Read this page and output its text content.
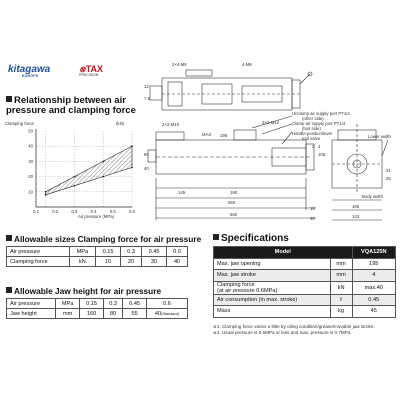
kitagawa
EUROPE
⊗TAX
PRECISION
Relationship between air
pressure and clamping force
Clamping force	(kN)
0.1	0.2	0.3	0.4	0.5	0.6
50
40
30
20
10
Air pressure (MPa)
Allowable sizes Clamping force for air pressure
Air pressure	MPa	0.15	0.3	0.45	0.6
Clamping force	kN	10	20	30	40
Allowable Jaw height for air pressure
Air pressure	MPa	0.15	0.3	0.45	0.6
Jaw height	mm	160	80	55	40(Standard)
Specifications
Model		VQA125N

Max. jaw opening	mm	195

Max. jaw stroke	mm	4

Clamping force
(at air pressure 0.6MPa)	kN	max.40

Air consumption (in max. stroke)	ℓ	0.45

Mass	kg	45
※1. Clamping force varies a little by oiling condition/grease/movable jaw stroke.
※2. Usual pressure is 0.6MPa or less and max. pressure is 0.7MPa.
Unclamp air supply port PT1/4
(other side)
Clamp air supply port PT1/4
(tool side)
Handle-position/lever
tool valve	Lower width
Body width
MAX
2×2-M10	2×2-M12
4-M8
2×4-M5
145	190
550
560
195
165
143
31
25
80
40
105
2 4
7.5
12
18
30
